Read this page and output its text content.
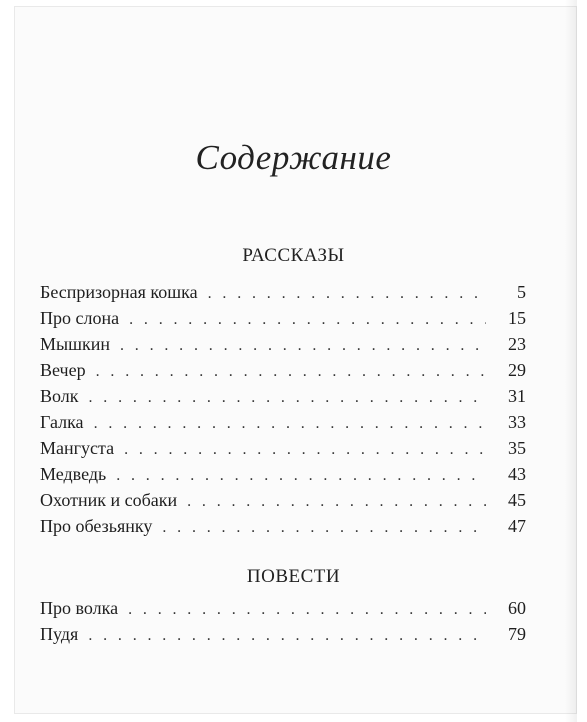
Содержание
РАССКАЗЫ
Беспризорная кошка . . .	5
Про слона . . .	15
Мышкин . . .	23
Вечер . . .	29
Волк . . .	31
Галка . . .	33
Мангуста . . .	35
Медведь . . .	43
Охотник и собаки . . .	45
Про обезьянку . . .	47
ПОВЕСТИ
Про волка . . .	60
Пудя . . .	79
